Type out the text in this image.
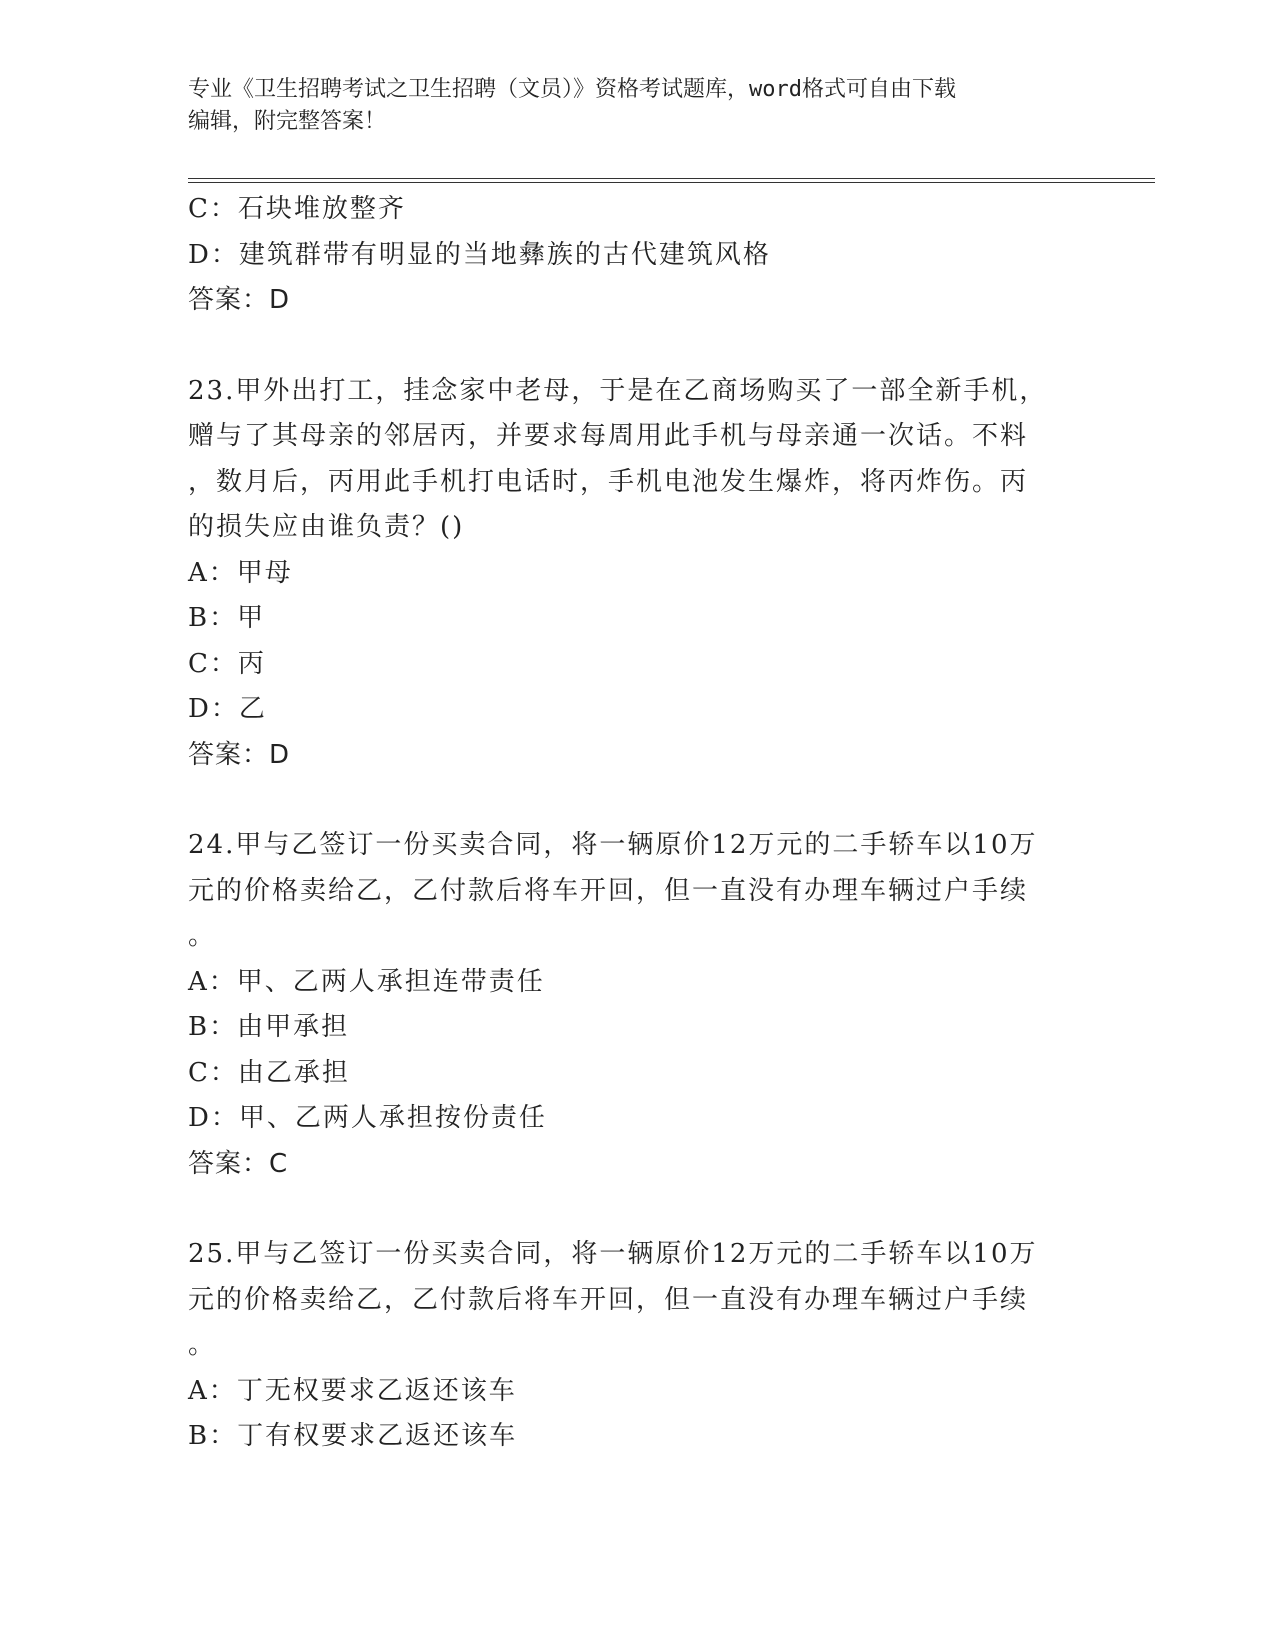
专业《卫生招聘考试之卫生招聘（文员）》资格考试题库，word格式可自由下载
编辑，附完整答案！
C：石块堆放整齐
D：建筑群带有明显的当地彝族的古代建筑风格
答案：D
23.甲外出打工，挂念家中老母，于是在乙商场购买了一部全新手机，
赠与了其母亲的邻居丙，并要求每周用此手机与母亲通一次话。不料
，数月后，丙用此手机打电话时，手机电池发生爆炸，将丙炸伤。丙
的损失应由谁负责？()
A：甲母
B：甲
C：丙
D：乙
答案：D
24.甲与乙签订一份买卖合同，将一辆原价12万元的二手轿车以10万
元的价格卖给乙，乙付款后将车开回，但一直没有办理车辆过户手续
。
A：甲、乙两人承担连带责任
B：由甲承担
C：由乙承担
D：甲、乙两人承担按份责任
答案：C
25.甲与乙签订一份买卖合同，将一辆原价12万元的二手轿车以10万
元的价格卖给乙，乙付款后将车开回，但一直没有办理车辆过户手续
。
A：丁无权要求乙返还该车
B：丁有权要求乙返还该车
